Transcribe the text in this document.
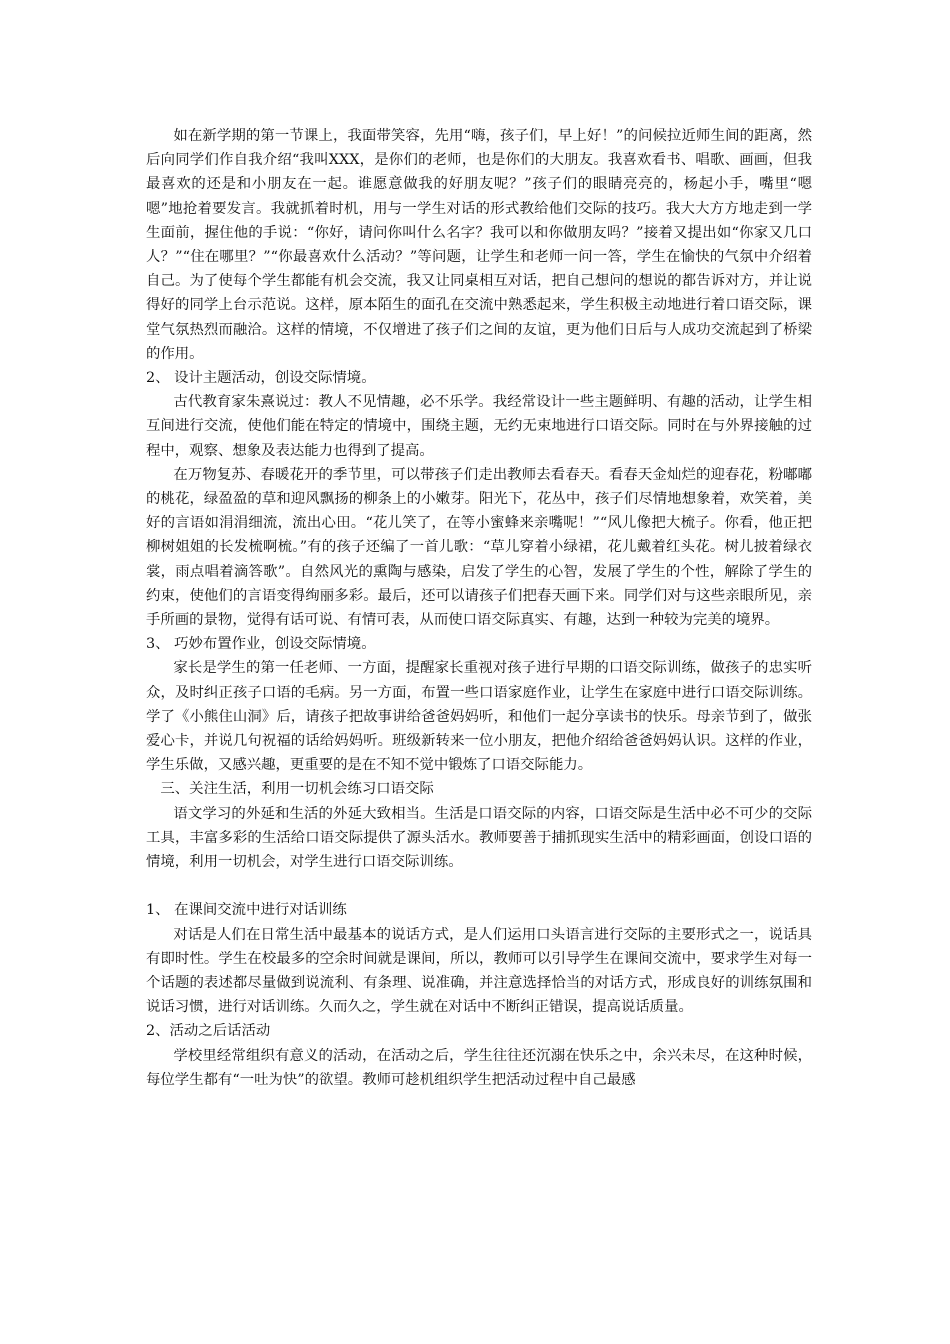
如在新学期的第一节课上，我面带笑容，先用“嗨，孩子们，早上好！”的问候拉近师生间的距离，然后向同学们作自我介绍“我叫XXX，是你们的老师，也是你们的大朋友。我喜欢看书、唱歌、画画，但我最喜欢的还是和小朋友在一起。谁愿意做我的好朋友呢？”孩子们的眼睛亮亮的，杨起小手，嘴里“嗯嗯”地抢着要发言。我就抓着时机，用与一学生对话的形式教给他们交际的技巧。我大大方方地走到一学生面前，握住他的手说：“你好，请问你叫什么名字？我可以和你做朋友吗？”接着又提出如“你家又几口人？”“住在哪里？”“你最喜欢什么活动？”等问题，让学生和老师一问一答，学生在愉快的气氛中介绍着自己。为了使每个学生都能有机会交流，我又让同桌相互对话，把自己想问的想说的都告诉对方，并让说得好的同学上台示范说。这样，原本陌生的面孔在交流中熟悉起来，学生积极主动地进行着口语交际，课堂气氛热烈而融洽。这样的情境，不仅增进了孩子们之间的友谊，更为他们日后与人成功交流起到了桥梁的作用。

2、 设计主题活动，创设交际情境。

古代教育家朱熹说过：教人不见情趣，必不乐学。我经常设计一些主题鲜明、有趣的活动，让学生相互间进行交流，使他们能在特定的情境中，围绕主题，无约无束地进行口语交际。同时在与外界接触的过程中，观察、想象及表达能力也得到了提高。

在万物复苏、春暖花开的季节里，可以带孩子们走出教师去看春天。看春天金灿烂的迎春花，粉嘟嘟的桃花，绿盈盈的草和迎风飘扬的柳条上的小嫩芽。阳光下，花丛中，孩子们尽情地想象着，欢笑着，美好的言语如涓涓细流，流出心田。“花儿笑了，在等小蜜蜂来亲嘴呢！”“风儿像把大梳子。你看，他正把柳树姐姐的长发梳啊梳。”有的孩子还编了一首儿歌：“草儿穿着小绿裙，花儿戴着红头花。树儿披着绿衣裳，雨点唱着滴答歌”。自然风光的熏陶与感染，启发了学生的心智，发展了学生的个性，解除了学生的约束，使他们的言语变得绚丽多彩。最后，还可以请孩子们把春天画下来。同学们对与这些亲眼所见，亲手所画的景物，觉得有话可说、有情可表，从而使口语交际真实、有趣，达到一种较为完美的境界。

3、 巧妙布置作业，创设交际情境。

家长是学生的第一任老师、一方面，提醒家长重视对孩子进行早期的口语交际训练，做孩子的忠实听众，及时纠正孩子口语的毛病。另一方面，布置一些口语家庭作业，让学生在家庭中进行口语交际训练。学了《小熊住山洞》后，请孩子把故事讲给爸爸妈妈听，和他们一起分享读书的快乐。母亲节到了，做张爱心卡，并说几句祝福的话给妈妈听。班级新转来一位小朋友，把他介绍给爸爸妈妈认识。这样的作业，学生乐做，又感兴趣，更重要的是在不知不觉中锻炼了口语交际能力。

三、关注生活，利用一切机会练习口语交际

语文学习的外延和生活的外延大致相当。生活是口语交际的内容，口语交际是生活中必不可少的交际工具，丰富多彩的生活给口语交际提供了源头活水。教师要善于捕抓现实生活中的精彩画面，创设口语的情境，利用一切机会，对学生进行口语交际训练。

1、 在课间交流中进行对话训练

对话是人们在日常生活中最基本的说话方式，是人们运用口头语言进行交际的主要形式之一，说话具有即时性。学生在校最多的空余时间就是课间，所以，教师可以引导学生在课间交流中，要求学生对每一个话题的表述都尽量做到说流利、有条理、说准确，并注意选择恰当的对话方式，形成良好的训练氛围和说话习惯，进行对话训练。久而久之，学生就在对话中不断纠正错误，提高说话质量。

2、活动之后话活动

学校里经常组织有意义的活动，在活动之后，学生往往还沉溺在快乐之中，余兴未尽，在这种时候，每位学生都有“一吐为快”的欲望。教师可趁机组织学生把活动过程中自己最感
